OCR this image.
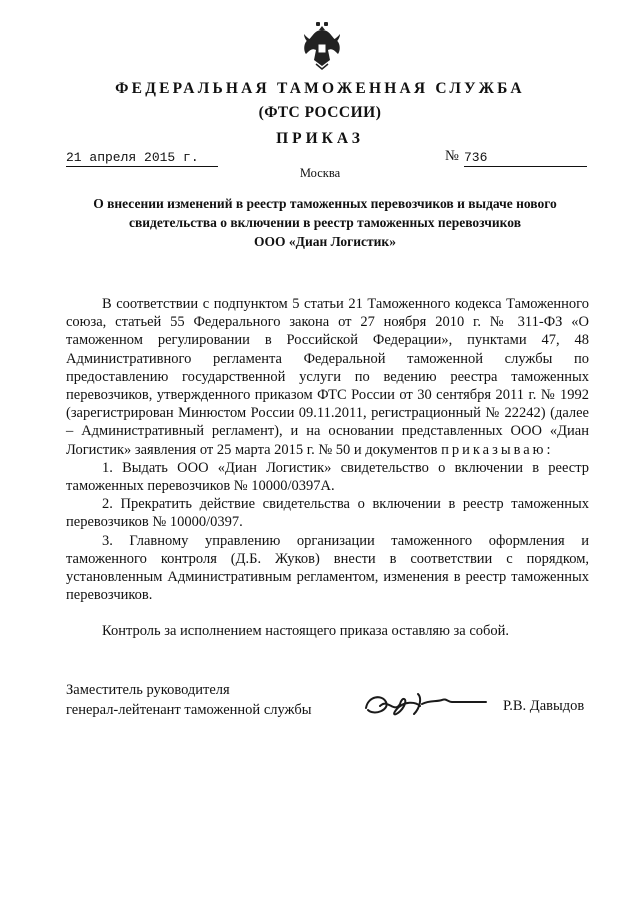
ФЕДЕРАЛЬНАЯ ТАМОЖЕННАЯ СЛУЖБА
(ФТС РОССИИ)
ПРИКАЗ
21 апреля 2015 г.	№ 736
Москва
О внесении изменений в реестр таможенных перевозчиков и выдаче нового
свидетельства о включении в реестр таможенных перевозчиков
ООО «Диан Логистик»

В соответствии с подпунктом 5 статьи 21 Таможенного кодекса Таможенного союза, статьей 55 Федерального закона от 27 ноября 2010 г. № 311-ФЗ «О таможенном регулировании в Российской Федерации», пунктами 47, 48 Административного регламента Федеральной таможенной службы по предоставлению государственной услуги по ведению реестра таможенных перевозчиков, утвержденного приказом ФТС России от 30 сентября 2011 г. № 1992 (зарегистрирован Минюстом России 09.11.2011, регистрационный № 22242) (далее – Административный регламент), и на основании представленных ООО «Диан Логистик» заявления от 25 марта 2015 г. № 50 и документов приказываю:

1. Выдать ООО «Диан Логистик» свидетельство о включении в реестр таможенных перевозчиков № 10000/0397А.

2. Прекратить действие свидетельства о включении в реестр таможенных перевозчиков № 10000/0397.

3. Главному управлению организации таможенного оформления и таможенного контроля (Д.Б. Жуков) внести в соответствии с порядком, установленным Административным регламентом, изменения в реестр таможенных перевозчиков.

Контроль за исполнением настоящего приказа оставляю за собой.

Заместитель руководителя
генерал-лейтенант таможенной службы	Р.В. Давыдов
